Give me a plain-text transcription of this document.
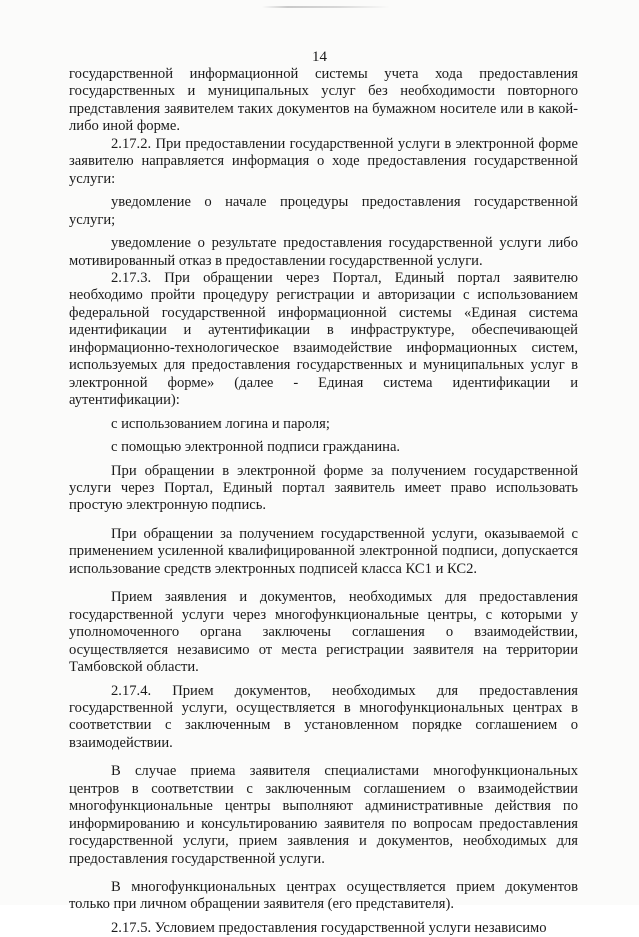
14

государственной информационной системы учета хода предоставления государственных и муниципальных услуг без необходимости повторного представления заявителем таких документов на бумажном носителе или в какой-либо иной форме.

2.17.2. При предоставлении государственной услуги в электронной форме заявителю направляется информация о ходе предоставления государственной услуги:

уведомление о начале процедуры предоставления государственной услуги;

уведомление о результате предоставления государственной услуги либо мотивированный отказ в предоставлении государственной услуги.

2.17.3. При обращении через Портал, Единый портал заявителю необходимо пройти процедуру регистрации и авторизации с использованием федеральной государственной информационной системы «Единая система идентификации и аутентификации в инфраструктуре, обеспечивающей информационно-технологическое взаимодействие информационных систем, используемых для предоставления государственных и муниципальных услуг в электронной форме» (далее - Единая система идентификации и аутентификации):

с использованием логина и пароля;

с помощью электронной подписи гражданина.

При обращении в электронной форме за получением государственной услуги через Портал, Единый портал заявитель имеет право использовать простую электронную подпись.

При обращении за получением государственной услуги, оказываемой с применением усиленной квалифицированной электронной подписи, допускается использование средств электронных подписей класса КС1 и КС2.

Прием заявления и документов, необходимых для предоставления государственной услуги через многофункциональные центры, с которыми у уполномоченного органа заключены соглашения о взаимодействии, осуществляется независимо от места регистрации заявителя на территории Тамбовской области.

2.17.4. Прием документов, необходимых для предоставления государственной услуги, осуществляется в многофункциональных центрах в соответствии с заключенным в установленном порядке соглашением о взаимодействии.

В случае приема заявителя специалистами многофункциональных центров в соответствии с заключенным соглашением о взаимодействии многофункциональные центры выполняют административные действия по информированию и консультированию заявителя по вопросам предоставления государственной услуги, прием заявления и документов, необходимых для предоставления государственной услуги.

В многофункциональных центрах осуществляется прием документов только при личном обращении заявителя (его представителя).

2.17.5. Условием предоставления государственной услуги независимо
